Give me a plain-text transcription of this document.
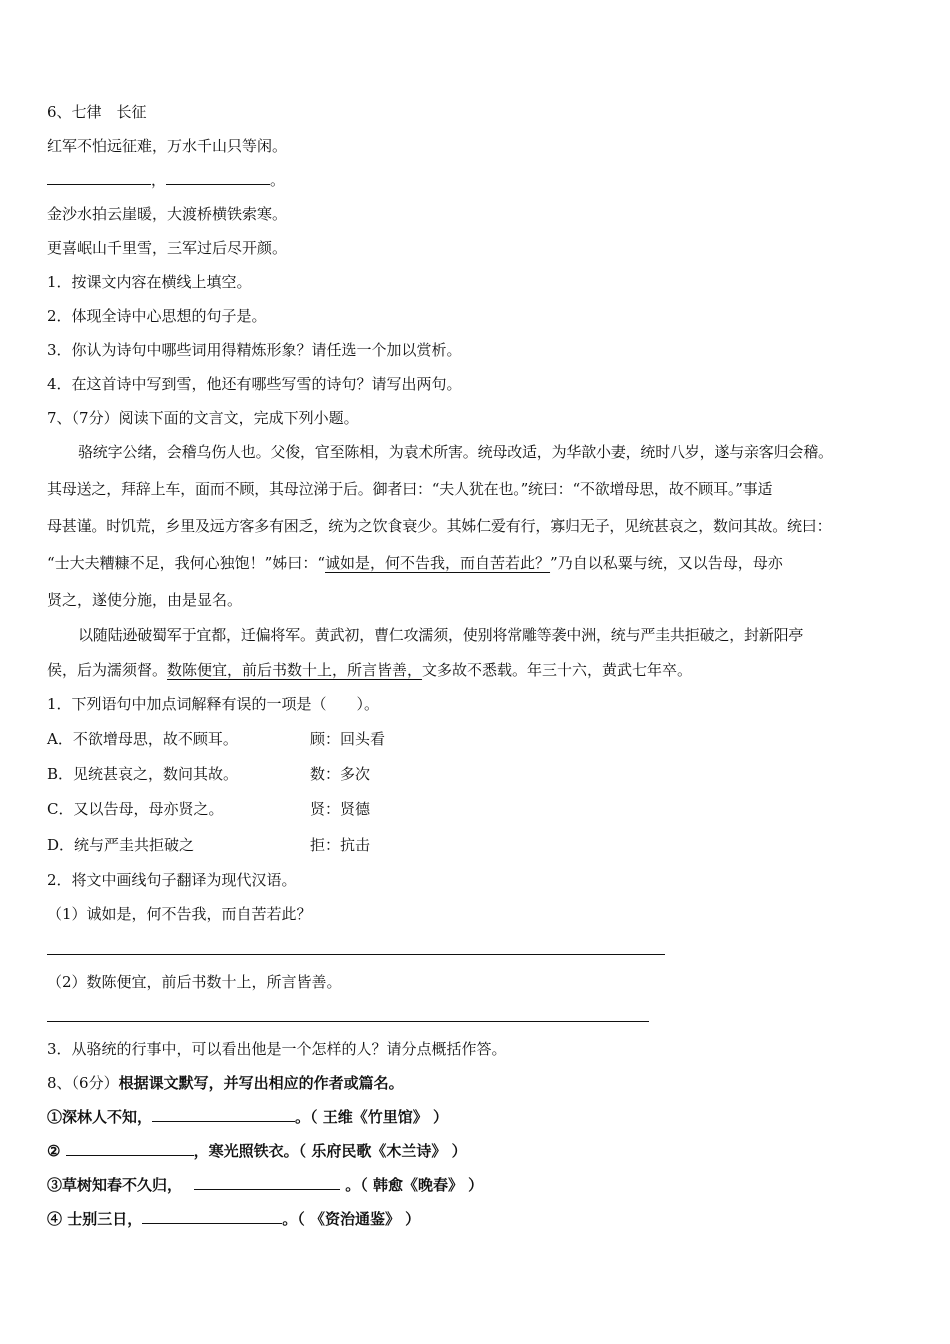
6、七律　长征
红军不怕远征难，万水千山只等闲。
，	。
金沙水拍云崖暖，大渡桥横铁索寒。
更喜岷山千里雪，三军过后尽开颜。
1．按课文内容在横线上填空。
2．体现全诗中心思想的句子是。
3．你认为诗句中哪些词用得精炼形象？请任选一个加以赏析。
4．在这首诗中写到雪，他还有哪些写雪的诗句？请写出两句。
7、（7分）阅读下面的文言文，完成下列小题。
骆统字公绪，会稽乌伤人也。父俊，官至陈相，为袁术所害。统母改适，为华歆小妻，统时八岁，遂与亲客归会稽。
其母送之，拜辞上车，面而不顾，其母泣涕于后。御者曰：“夫人犹在也。”统曰：“不欲增母思，故不顾耳。”事适
母甚谨。时饥荒，乡里及远方客多有困乏，统为之饮食衰少。其姊仁爱有行，寡归无子，见统甚哀之，数问其故。统曰：
“士大夫糟糠不足，我何心独饱！”姊曰：“诚如是，何不告我，而自苦若此？”乃自以私粟与统，又以告母，母亦
贤之，遂使分施，由是显名。
以随陆逊破蜀军于宜都，迁偏将军。黄武初，曹仁攻濡须，使别将常雕等袭中洲，统与严圭共拒破之，封新阳亭
侯，后为濡须督。数陈便宜，前后书数十上，所言皆善，文多故不悉载。年三十六，黄武七年卒。
1．下列语句中加点词解释有误的一项是（　　）。
A．不欲增母思，故不顾耳。	顾：回头看
B．见统甚哀之，数问其故。	数：多次
C．又以告母，母亦贤之。	贤：贤德
D．统与严圭共拒破之	拒：抗击
2．将文中画线句子翻译为现代汉语。
（1）诚如是，何不告我，而自苦若此？
（2）数陈便宜，前后书数十上，所言皆善。
3．从骆统的行事中，可以看出他是一个怎样的人？请分点概括作答。
8、（6分）根据课文默写，并写出相应的作者或篇名。
①深林人不知，	。（ 王维《竹里馆》 ）
②	，寒光照铁衣。（ 乐府民歌《木兰诗》 ）
③草树知春不久归，	。（ 韩愈《晚春》 ）
④ 士别三日，	。（ 《资治通鉴》 ）
